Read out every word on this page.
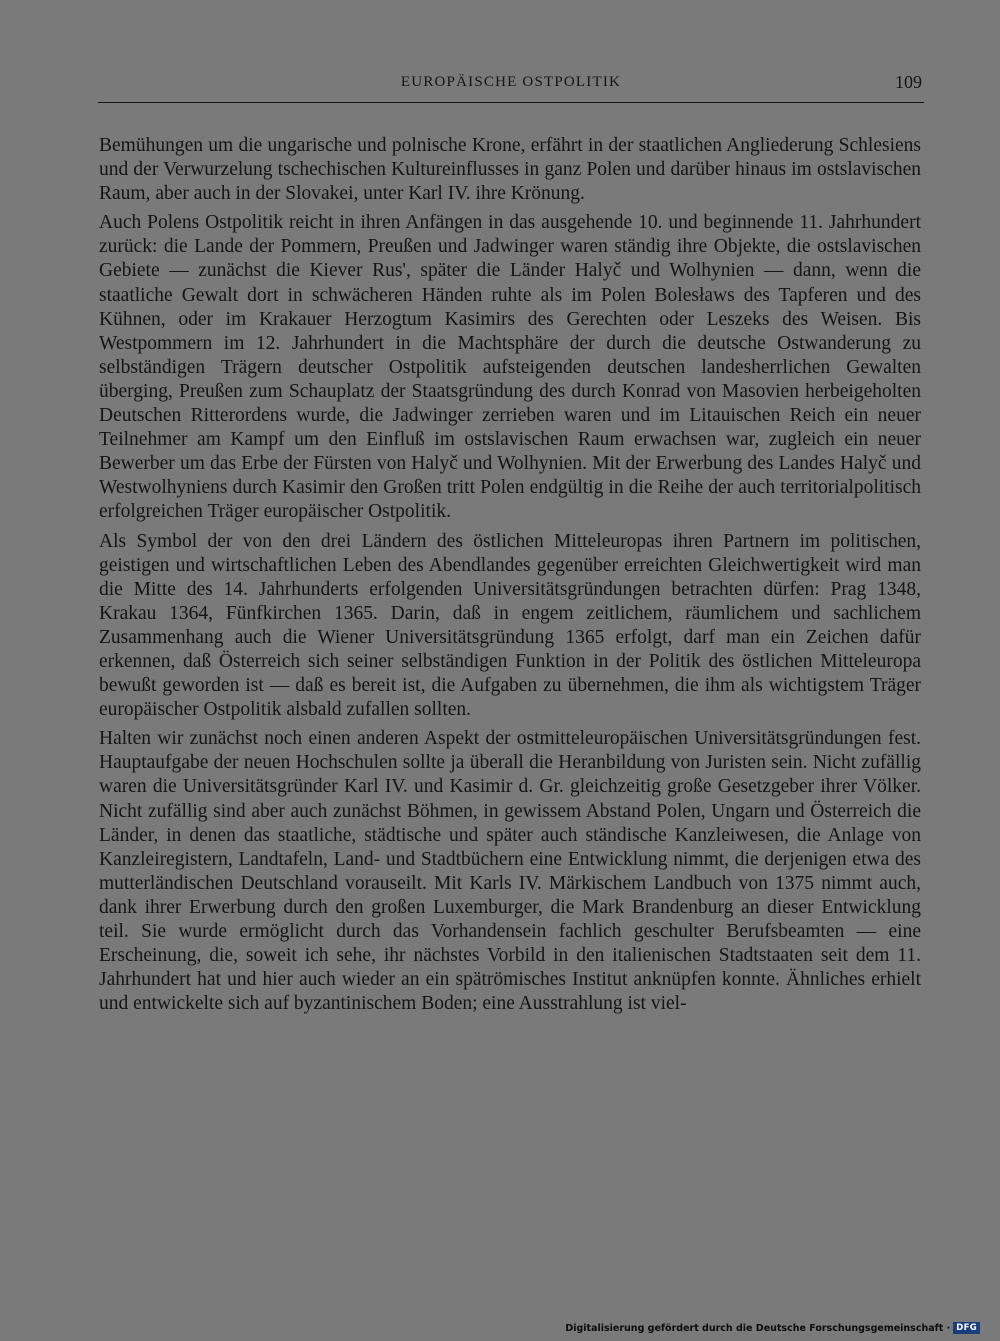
EUROPÄISCHE OSTPOLITIK	109

Bemühungen um die ungarische und polnische Krone, erfährt in der staatlichen Angliederung Schlesiens und der Verwurzelung tschechischen Kultureinflusses in ganz Polen und darüber hinaus im ostslavischen Raum, aber auch in der Slovakei, unter Karl IV. ihre Krönung.

Auch Polens Ostpolitik reicht in ihren Anfängen in das ausgehende 10. und beginnende 11. Jahrhundert zurück: die Lande der Pommern, Preußen und Jadwinger waren ständig ihre Objekte, die ostslavischen Gebiete — zunächst die Kiever Rus', später die Länder Halyč und Wolhynien — dann, wenn die staatliche Gewalt dort in schwächeren Händen ruhte als im Polen Bolesławs des Tapferen und des Kühnen, oder im Krakauer Herzogtum Kasimirs des Gerechten oder Leszeks des Weisen. Bis Westpommern im 12. Jahrhundert in die Machtsphäre der durch die deutsche Ostwanderung zu selbständigen Trägern deutscher Ostpolitik aufsteigenden deutschen landesherrlichen Gewalten überging, Preußen zum Schauplatz der Staatsgründung des durch Konrad von Masovien herbeigeholten Deutschen Ritterordens wurde, die Jadwinger zerrieben waren und im Litauischen Reich ein neuer Teilnehmer am Kampf um den Einfluß im ostslavischen Raum erwachsen war, zugleich ein neuer Bewerber um das Erbe der Fürsten von Halyč und Wolhynien. Mit der Erwerbung des Landes Halyč und Westwolhyniens durch Kasimir den Großen tritt Polen endgültig in die Reihe der auch territorialpolitisch erfolgreichen Träger europäischer Ostpolitik.

Als Symbol der von den drei Ländern des östlichen Mitteleuropas ihren Partnern im politischen, geistigen und wirtschaftlichen Leben des Abendlandes gegenüber erreichten Gleichwertigkeit wird man die Mitte des 14. Jahrhunderts erfolgenden Universitätsgründungen betrachten dürfen: Prag 1348, Krakau 1364, Fünfkirchen 1365. Darin, daß in engem zeitlichem, räumlichem und sachlichem Zusammenhang auch die Wiener Universitätsgründung 1365 erfolgt, darf man ein Zeichen dafür erkennen, daß Österreich sich seiner selbständigen Funktion in der Politik des östlichen Mitteleuropa bewußt geworden ist — daß es bereit ist, die Aufgaben zu übernehmen, die ihm als wichtigstem Träger europäischer Ostpolitik alsbald zufallen sollten.

Halten wir zunächst noch einen anderen Aspekt der ostmitteleuropäischen Universitätsgründungen fest. Hauptaufgabe der neuen Hochschulen sollte ja überall die Heranbildung von Juristen sein. Nicht zufällig waren die Universitätsgründer Karl IV. und Kasimir d. Gr. gleichzeitig große Gesetzgeber ihrer Völker. Nicht zufällig sind aber auch zunächst Böhmen, in gewissem Abstand Polen, Ungarn und Österreich die Länder, in denen das staatliche, städtische und später auch ständische Kanzleiwesen, die Anlage von Kanzleiregistern, Landtafeln, Land- und Stadtbüchern eine Entwicklung nimmt, die derjenigen etwa des mutterländischen Deutschland vorauseilt. Mit Karls IV. Märkischem Landbuch von 1375 nimmt auch, dank ihrer Erwerbung durch den großen Luxemburger, die Mark Brandenburg an dieser Entwicklung teil. Sie wurde ermöglicht durch das Vorhandensein fachlich geschulter Berufsbeamten — eine Erscheinung, die, soweit ich sehe, ihr nächstes Vorbild in den italienischen Stadtstaaten seit dem 11. Jahrhundert hat und hier auch wieder an ein spätrömisches Institut anknüpfen konnte. Ähnliches erhielt und entwickelte sich auf byzantinischem Boden; eine Ausstrahlung ist viel-

Digitalisierung gefördert durch die Deutsche Forschungsgemeinschaft · DFG
